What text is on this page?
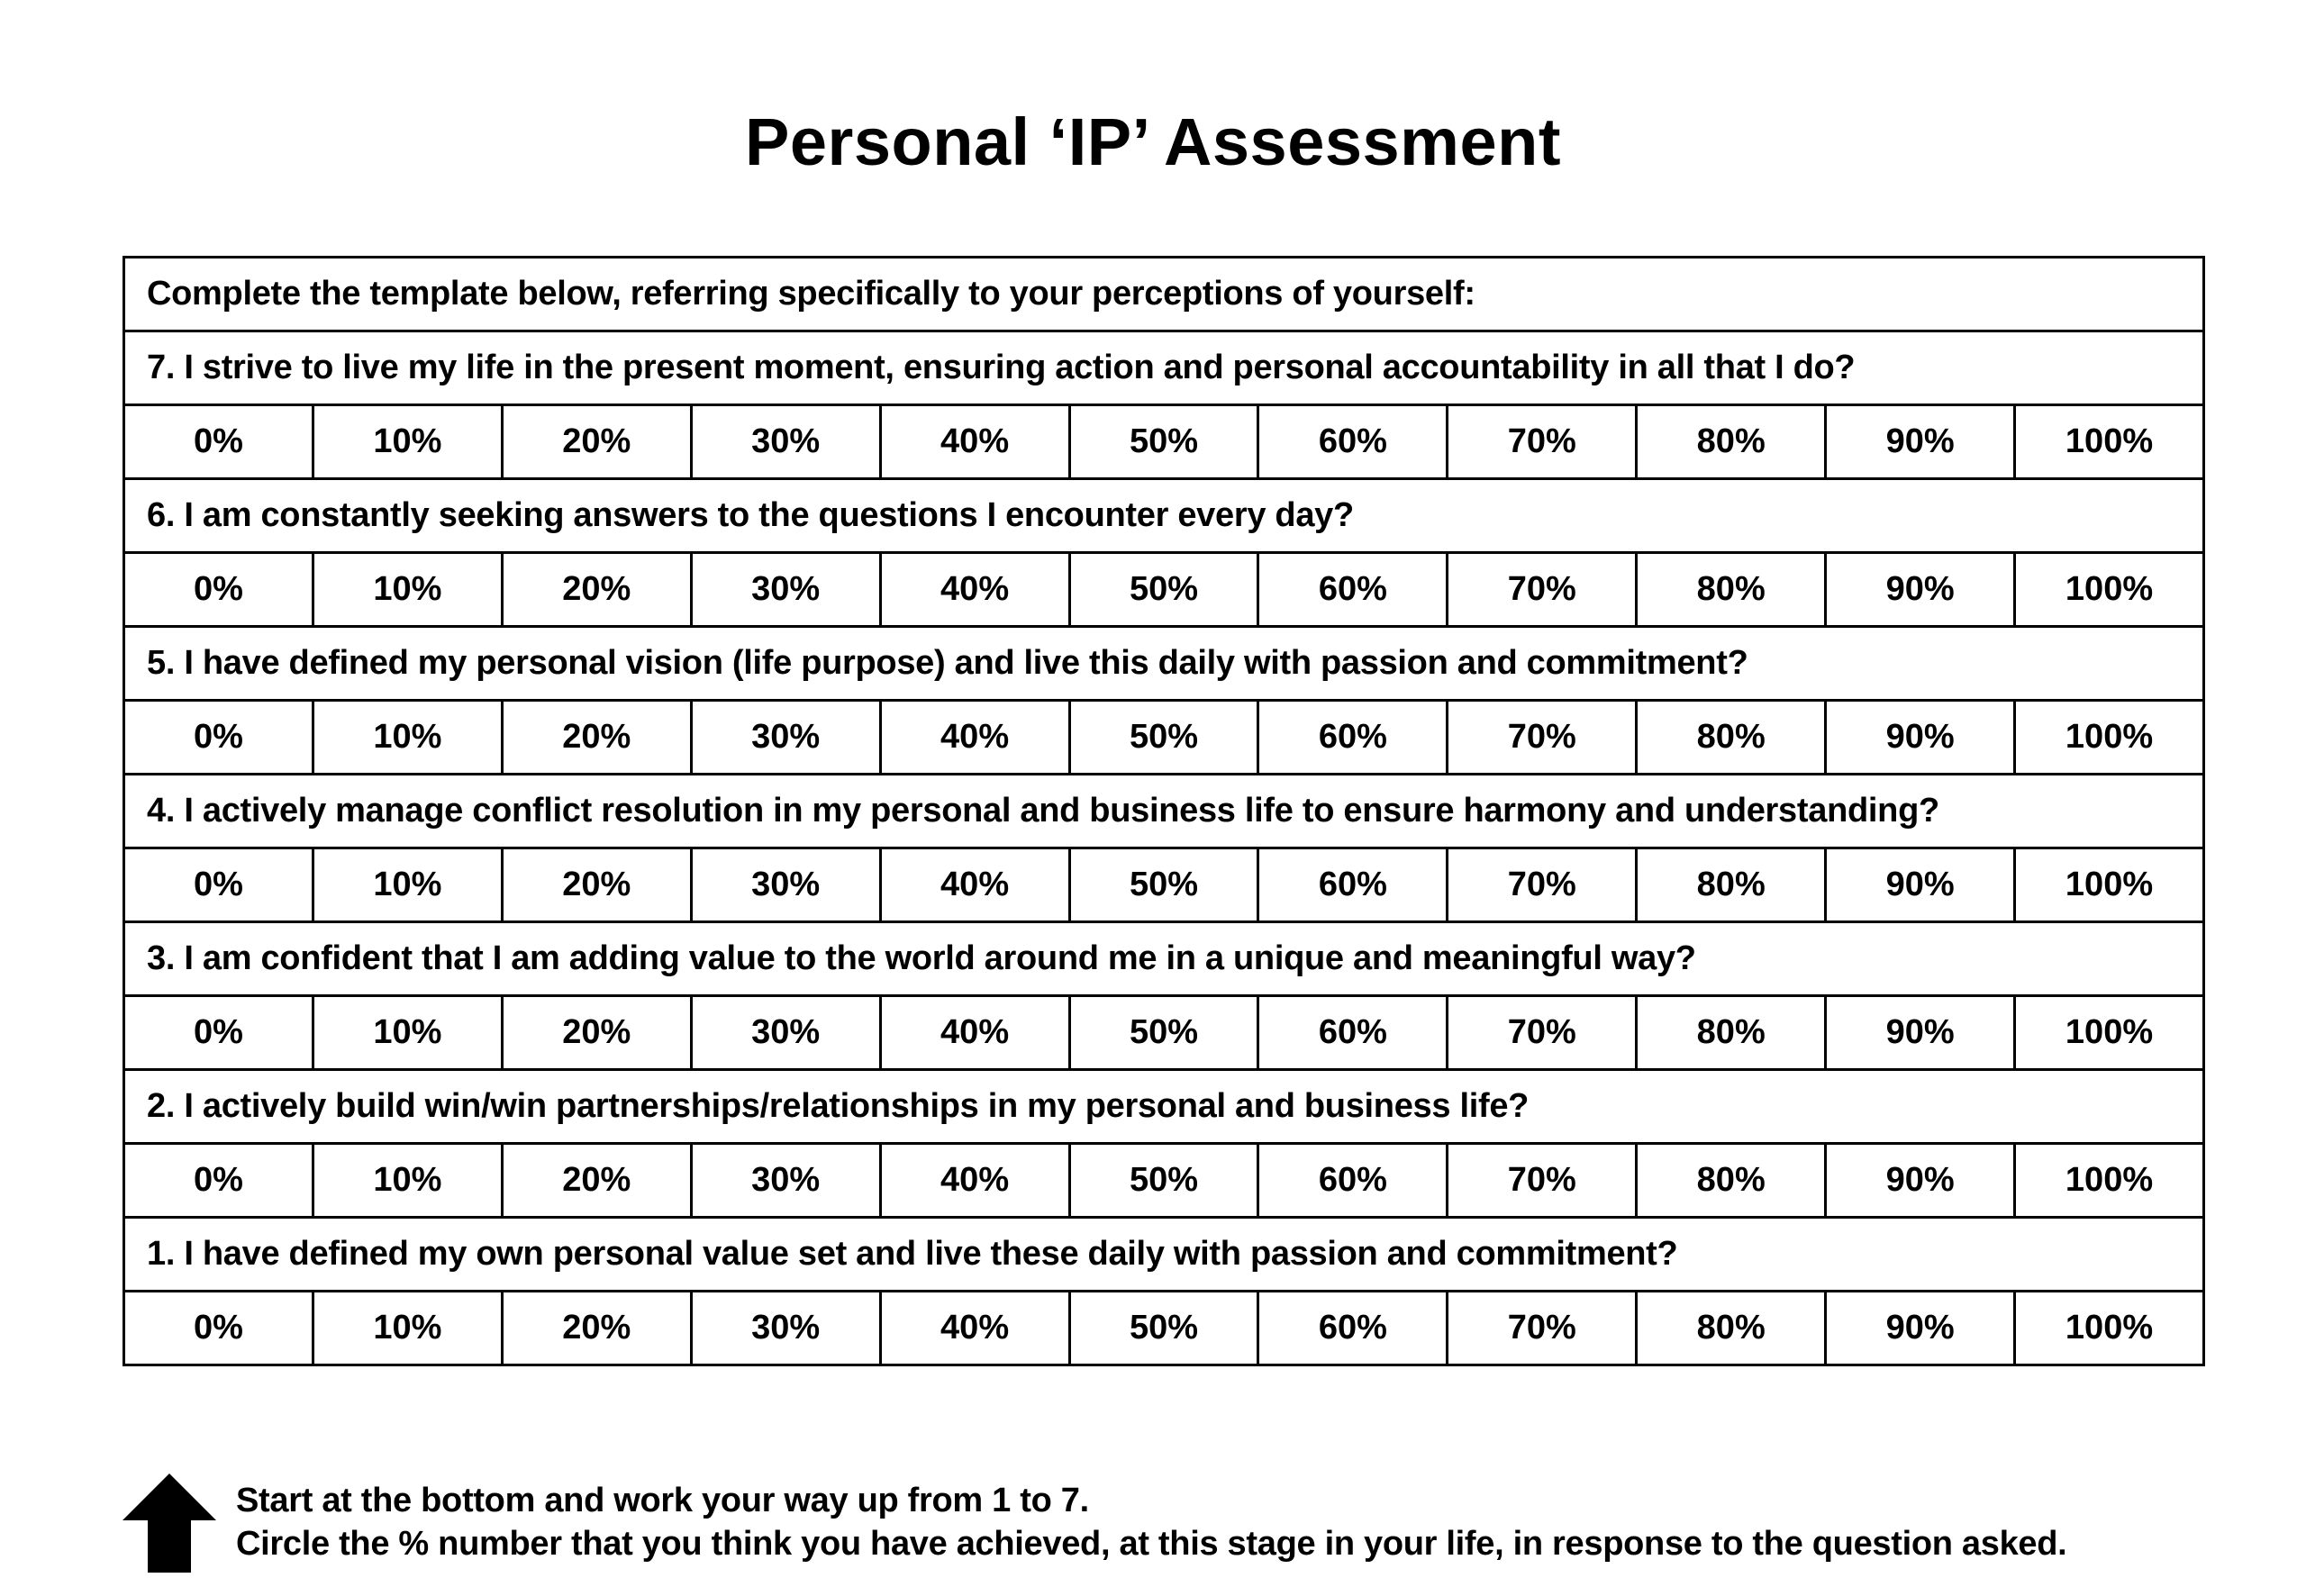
Personal ‘IP’ Assessment
Complete the template below, referring specifically to your perceptions of yourself:										
7. I strive to live my life in the present moment, ensuring action and personal accountability in all that I do?										
0%	10%	20%	30%	40%	50%	60%	70%	80%	90%	100%
6. I am constantly seeking answers to the questions I encounter every day?										
0%	10%	20%	30%	40%	50%	60%	70%	80%	90%	100%
5. I have defined my personal vision (life purpose) and live this daily with passion and commitment?										
0%	10%	20%	30%	40%	50%	60%	70%	80%	90%	100%
4. I actively manage conflict resolution in my personal and business life to ensure harmony and understanding?										
0%	10%	20%	30%	40%	50%	60%	70%	80%	90%	100%
3. I am confident that I am adding value to the world around me in a unique and meaningful way?										
0%	10%	20%	30%	40%	50%	60%	70%	80%	90%	100%
2. I actively build win/win partnerships/relationships in my personal and business life?										
0%	10%	20%	30%	40%	50%	60%	70%	80%	90%	100%
1. I have defined my own personal value set and live these daily with passion and commitment?										
0%	10%	20%	30%	40%	50%	60%	70%	80%	90%	100%
Start at the bottom and work your way up from 1 to 7.
Circle the % number that you think you have achieved, at this stage in your life, in response to the question asked.
